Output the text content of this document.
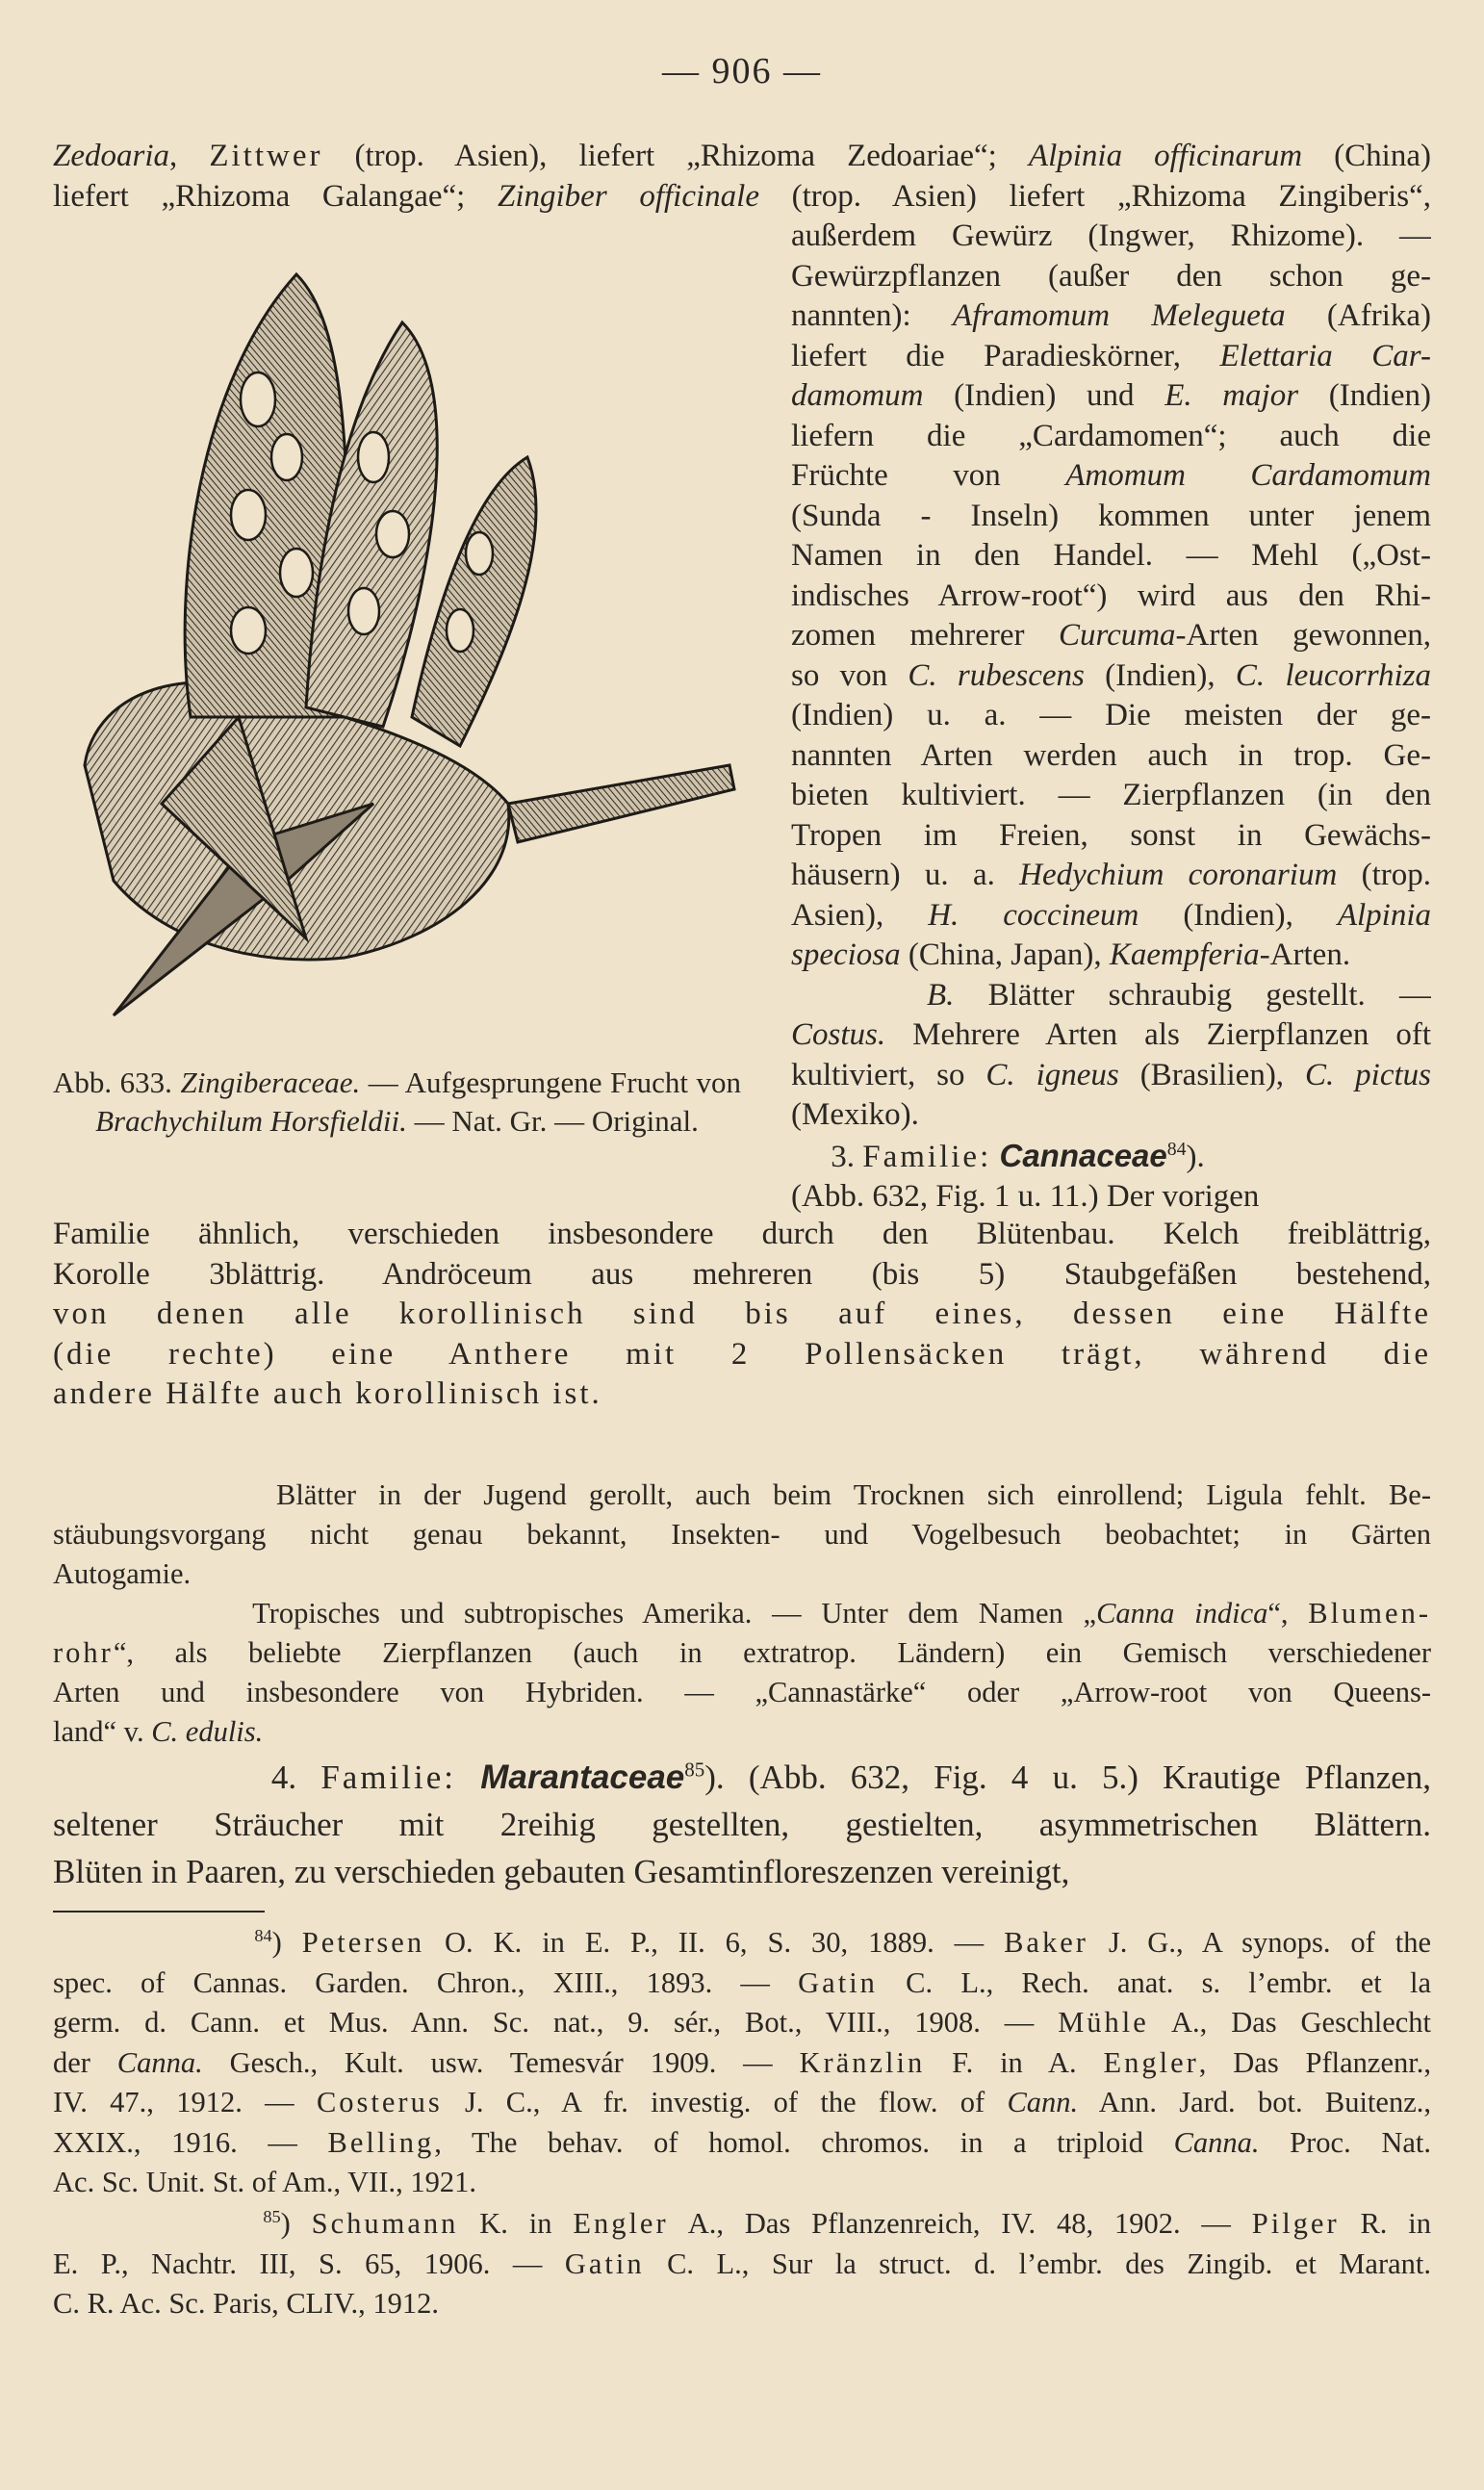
— 906 —
Zedoaria, Zittwer (trop. Asien), liefert „Rhizoma Zedoariae“; Alpinia officinarum (China)
liefert „Rhizoma Galangae“; Zingiber officinale (trop. Asien) liefert „Rhizoma Zingiberis“,
außerdem Gewürz (Ingwer, Rhizome). —
Gewürzpflanzen (außer den schon ge-
nannten): Aframomum Melegueta (Afrika)
liefert die Paradieskörner, Elettaria Car-
damomum (Indien) und E. major (Indien)
liefern die „Cardamomen“; auch die
Früchte von Amomum Cardamomum
(Sunda - Inseln) kommen unter jenem
Namen in den Handel. — Mehl („Ost-
indisches Arrow-root“) wird aus den Rhi-
zomen mehrerer Curcuma-Arten gewonnen,
so von C. rubescens (Indien), C. leucorrhiza
(Indien) u. a. — Die meisten der ge-
nannten Arten werden auch in trop. Ge-
bieten kultiviert. — Zierpflanzen (in den
Tropen im Freien, sonst in Gewächs-
häusern) u. a. Hedychium coronarium (trop.
Asien), H. coccineum (Indien), Alpinia
speciosa (China, Japan), Kaempferia-Arten.
B. Blätter schraubig gestellt. —
Costus. Mehrere Arten als Zierpflanzen oft
kultiviert, so C. igneus (Brasilien), C. pictus
(Mexiko).
3. Familie: Cannaceae$^{84}$).
(Abb. 632, Fig. 1 u. 11.) Der vorigen
Abb. 633. Zingiberaceae. — Aufgesprungene Frucht von Brachychilum Horsfieldii. — Nat. Gr. — Original.
Familie ähnlich, verschieden insbesondere durch den Blütenbau. Kelch freiblättrig,
Korolle 3blättrig. Andröceum aus mehreren (bis 5) Staubgefäßen bestehend,
von denen alle korollinisch sind bis auf eines, dessen eine Hälfte
(die rechte) eine Anthere mit 2 Pollensäcken trägt, während die
andere Hälfte auch korollinisch ist.
Blätter in der Jugend gerollt, auch beim Trocknen sich einrollend; Ligula fehlt. Be-
stäubungsvorgang nicht genau bekannt, Insekten- und Vogelbesuch beobachtet; in Gärten
Autogamie.
Tropisches und subtropisches Amerika. — Unter dem Namen „Canna indica“, Blumen-
rohr“, als beliebte Zierpflanzen (auch in extratrop. Ländern) ein Gemisch verschiedener
Arten und insbesondere von Hybriden. — „Cannastärke“ oder „Arrow-root von Queens-
land“ v. C. edulis.
4. Familie: Marantaceae$^{85}$). (Abb. 632, Fig. 4 u. 5.) Krautige Pflanzen,
seltener Sträucher mit 2reihig gestellten, gestielten, asymmetrischen Blättern.
Blüten in Paaren, zu verschieden gebauten Gesamtinfloreszenzen vereinigt,
$^{84}$) Petersen O. K. in E. P., II. 6, S. 30, 1889. — Baker J. G., A synops. of the
spec. of Cannas. Garden. Chron., XIII., 1893. — Gatin C. L., Rech. anat. s. l’embr. et la
germ. d. Cann. et Mus. Ann. Sc. nat., 9. sér., Bot., VIII., 1908. — Mühle A., Das Geschlecht
der Canna. Gesch., Kult. usw. Temesvár 1909. — Kränzlin F. in A. Engler, Das Pflanzenr.,
IV. 47., 1912. — Costerus J. C., A fr. investig. of the flow. of Cann. Ann. Jard. bot. Buitenz.,
XXIX., 1916. — Belling, The behav. of homol. chromos. in a triploid Canna. Proc. Nat.
Ac. Sc. Unit. St. of Am., VII., 1921.
$^{85}$) Schumann K. in Engler A., Das Pflanzenreich, IV. 48, 1902. — Pilger R. in
E. P., Nachtr. III, S. 65, 1906. — Gatin C. L., Sur la struct. d. l’embr. des Zingib. et Marant.
C. R. Ac. Sc. Paris, CLIV., 1912.
